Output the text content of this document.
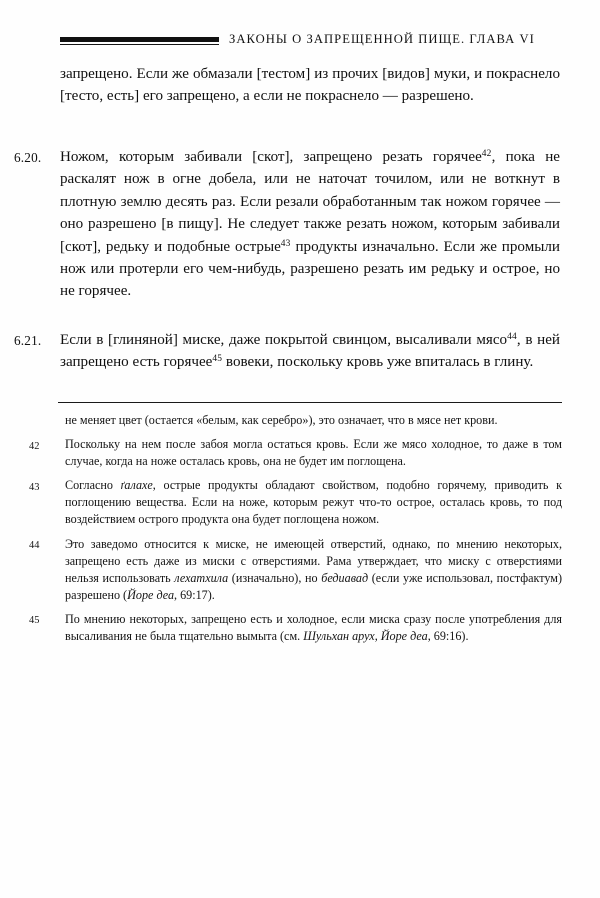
ЗАКОНЫ О ЗАПРЕЩЕННОЙ ПИЩЕ. ГЛАВА VI
запрещено. Если же обмазали [тестом] из прочих [видов] муки, и покраснело [тесто, есть] его запрещено, а если не покраснело — разрешено.
6.20.	Ножом, которым забивали [скот], запрещено резать горячее$^{42}$, пока не раскалят нож в огне добела, или не наточат точилом, или не воткнут в плотную землю десять раз. Если резали обработанным так ножом горячее — оно разрешено [в пищу]. Не следует также резать ножом, которым забивали [скот], редьку и подобные острые$^{43}$ продукты изначально. Если же промыли нож или протерли его чем-нибудь, разрешено резать им редьку и острое, но не горячее.
6.21.	Если в [глиняной] миске, даже покрытой свинцом, высаливали мясо$^{44}$, в ней запрещено есть горячее$^{45}$ вовеки, поскольку кровь уже впиталась в глину.
не меняет цвет (остается «белым, как серебро»), это означает, что в мясе нет крови.
42	Поскольку на нем после забоя могла остаться кровь. Если же мясо холодное, то даже в том случае, когда на ноже осталась кровь, она не будет им поглощена.
43	Согласно ґалахе, острые продукты обладают свойством, подобно горячему, приводить к поглощению вещества. Если на ноже, которым режут что-то острое, осталась кровь, то под воздействием острого продукта она будет поглощена ножом.
44	Это заведомо относится к миске, не имеющей отверстий, однако, по мнению некоторых, запрещено есть даже из миски с отверстиями. Рама утверждает, что миску с отверстиями нельзя использовать лехатхила (изначально), но бедиавад (если уже использовал, постфактум) разрешено (Йоре деа, 69:17).
45	По мнению некоторых, запрещено есть и холодное, если миска сразу после употребления для высаливания не была тщательно вымыта (см. Шульхан арух, Йоре деа, 69:16).
